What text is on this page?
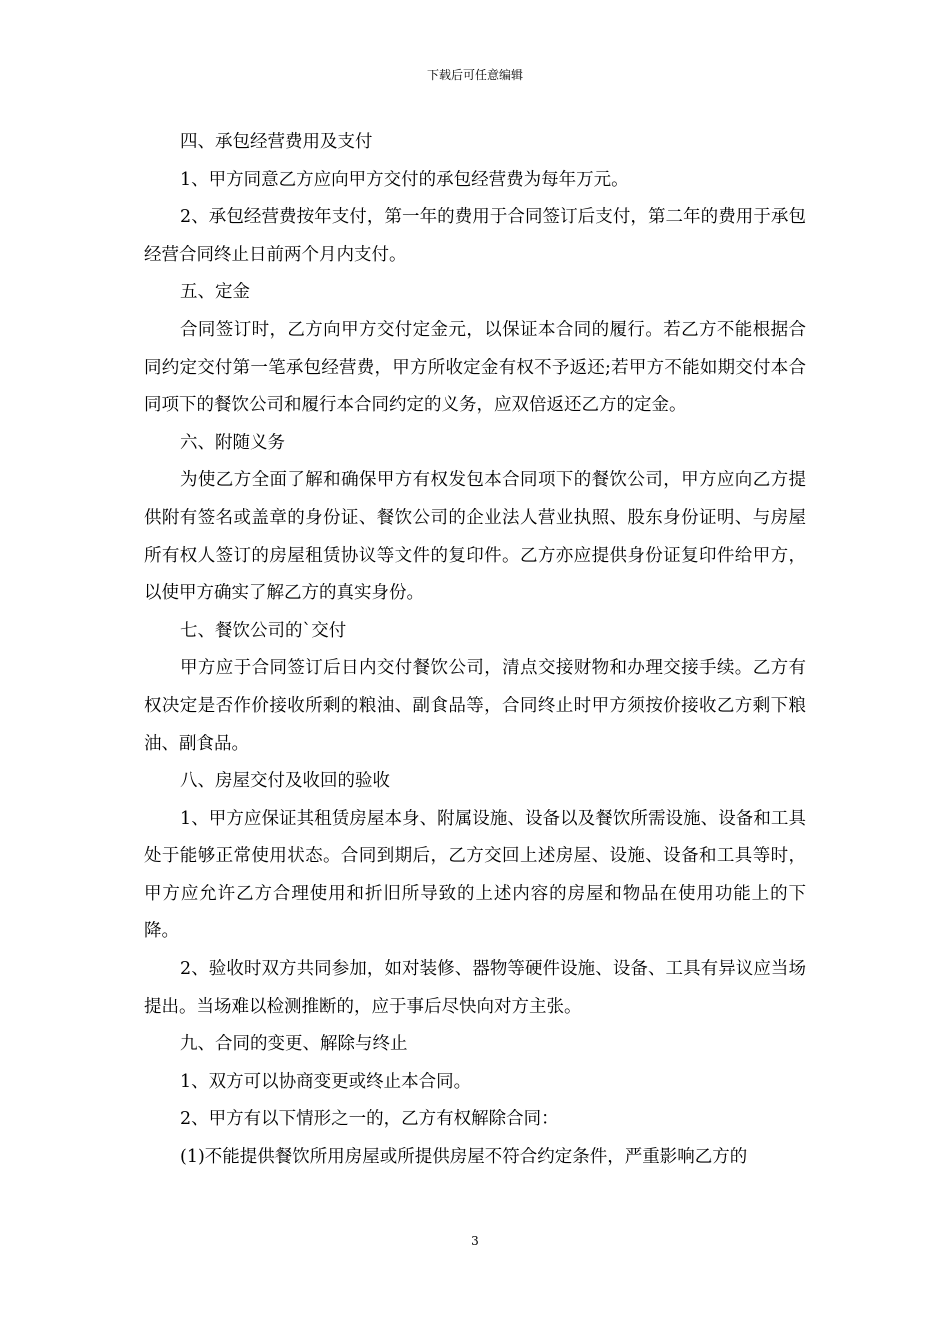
下载后可任意编辑

四、承包经营费用及支付

1、甲方同意乙方应向甲方交付的承包经营费为每年万元。

2、承包经营费按年支付，第一年的费用于合同签订后支付，第二年的费用于承包经营合同终止日前两个月内支付。

五、定金

合同签订时，乙方向甲方交付定金元，以保证本合同的履行。若乙方不能根据合同约定交付第一笔承包经营费，甲方所收定金有权不予返还;若甲方不能如期交付本合同项下的餐饮公司和履行本合同约定的义务，应双倍返还乙方的定金。

六、附随义务

为使乙方全面了解和确保甲方有权发包本合同项下的餐饮公司，甲方应向乙方提供附有签名或盖章的身份证、餐饮公司的企业法人营业执照、股东身份证明、与房屋所有权人签订的房屋租赁协议等文件的复印件。乙方亦应提供身份证复印件给甲方，以使甲方确实了解乙方的真实身份。

七、餐饮公司的`交付

甲方应于合同签订后日内交付餐饮公司，清点交接财物和办理交接手续。乙方有权决定是否作价接收所剩的粮油、副食品等，合同终止时甲方须按价接收乙方剩下粮油、副食品。

八、房屋交付及收回的验收

1、甲方应保证其租赁房屋本身、附属设施、设备以及餐饮所需设施、设备和工具处于能够正常使用状态。合同到期后，乙方交回上述房屋、设施、设备和工具等时，甲方应允许乙方合理使用和折旧所导致的上述内容的房屋和物品在使用功能上的下降。

2、验收时双方共同参加，如对装修、器物等硬件设施、设备、工具有异议应当场提出。当场难以检测推断的，应于事后尽快向对方主张。

九、合同的变更、解除与终止

1、双方可以协商变更或终止本合同。

2、甲方有以下情形之一的，乙方有权解除合同：

(1)不能提供餐饮所用房屋或所提供房屋不符合约定条件，严重影响乙方的

3
